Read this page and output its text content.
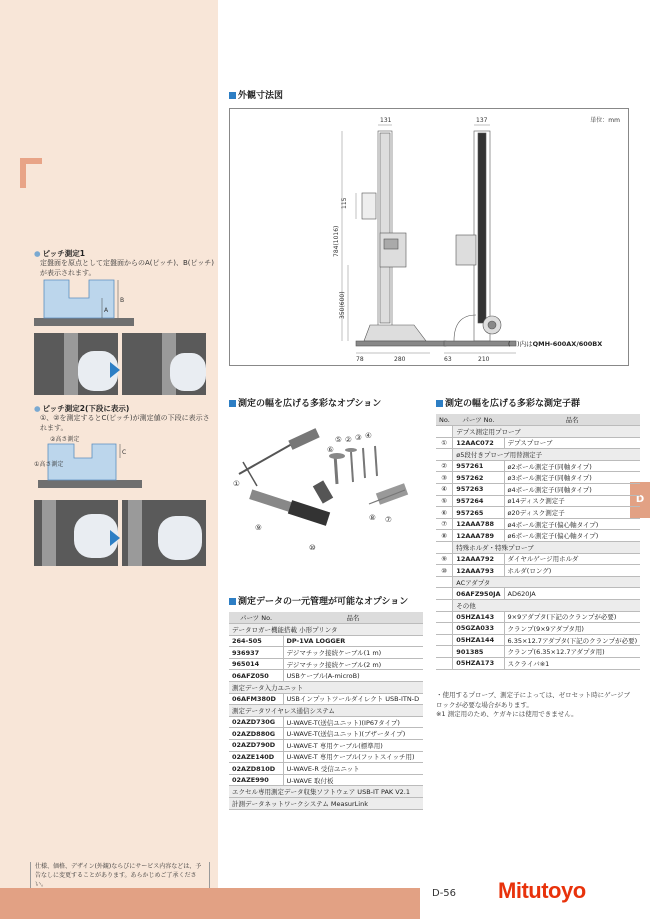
● ピッチ測定1
定盤面を原点として定盤面からのA(ピッチ)、B(ピッチ)が表示されます。
B
A
● ピッチ測定2(下段に表示)
①、②を測定するとC(ピッチ)が測定値の下段に表示されます。
C
②高さ測定
①高さ測定
仕様、価格、デザイン(外観)ならびにサービス内容などは、予告なしに変更することがあります。あらかじめご了承ください。
D-56 Mitutoyo
D
外観寸法図
単位：mm
131	137
115
784(1016)
350(600)
78	280	63	210
(　)内はQMH-600AX/600BX
測定の幅を広げる多彩なオプション
①
② ③ ④
⑤
⑥
⑦
⑧
⑨
⑩
測定データの一元管理が可能なオプション
パーツ No.	品名
データロガー機能搭載 小形プリンタ	
264-505	DP-1VA LOGGER
936937	デジマチック接続ケーブル(1 m)
965014	デジマチック接続ケーブル(2 m)
06AFZ050	USBケーブル(A-microB)
測定データ入力ユニット	
06AFM380D	USBインプットツールダイレクト USB-ITN-D
測定データワイヤレス通信システム	
02AZD730G	U-WAVE-T(送信ユニット)(IP67タイプ)
02AZD880G	U-WAVE-T(送信ユニット)(ブザータイプ)
02AZD790D	U-WAVE-T 専用ケーブル(標準用)
02AZE140D	U-WAVE-T 専用ケーブル(フットスイッチ用)
02AZD810D	U-WAVE-R 受信ユニット
02AZE990	U-WAVE 取付板
エクセル専用測定データ収集ソフトウェア USB-IT PAK V2.1	
計測データネットワークシステム MeasurLink	
測定の幅を広げる多彩な測定子群
No.	パーツ No.	品名
	デプス測定用プローブ	
①	12AAC072	デプスプローブ
	ø5段付きプローブ用替測定子	
②	957261	ø2ボール測定子(同軸タイプ)
③	957262	ø3ボール測定子(同軸タイプ)
④	957263	ø4ボール測定子(同軸タイプ)
⑤	957264	ø14ディスク測定子
⑥	957265	ø20ディスク測定子
⑦	12AAA788	ø4ボール測定子(偏心軸タイプ)
⑧	12AAA789	ø6ボール測定子(偏心軸タイプ)
	特殊ホルダ・特殊プローブ	
⑨	12AAA792	ダイヤルゲージ用ホルダ
⑩	12AAA793	ホルダ(ロング)
	ACアダプタ	
	06AFZ950JA	AD620JA
	その他	
	05HZA143	9×9アダプタ(下記のクランプが必要)
	05GZA033	クランプ(9×9アダプタ用)
	05HZA144	6.35×12.7アダプタ(下記のクランプが必要)
	901385	クランプ(6.35×12.7アダプタ用)
	05HZA173	スクライバ※1
・使用するプローブ、測定子によっては、ゼロセット時にゲージブロックが必要な場合があります。
※1 測定用のため、ケガキには使用できません。
